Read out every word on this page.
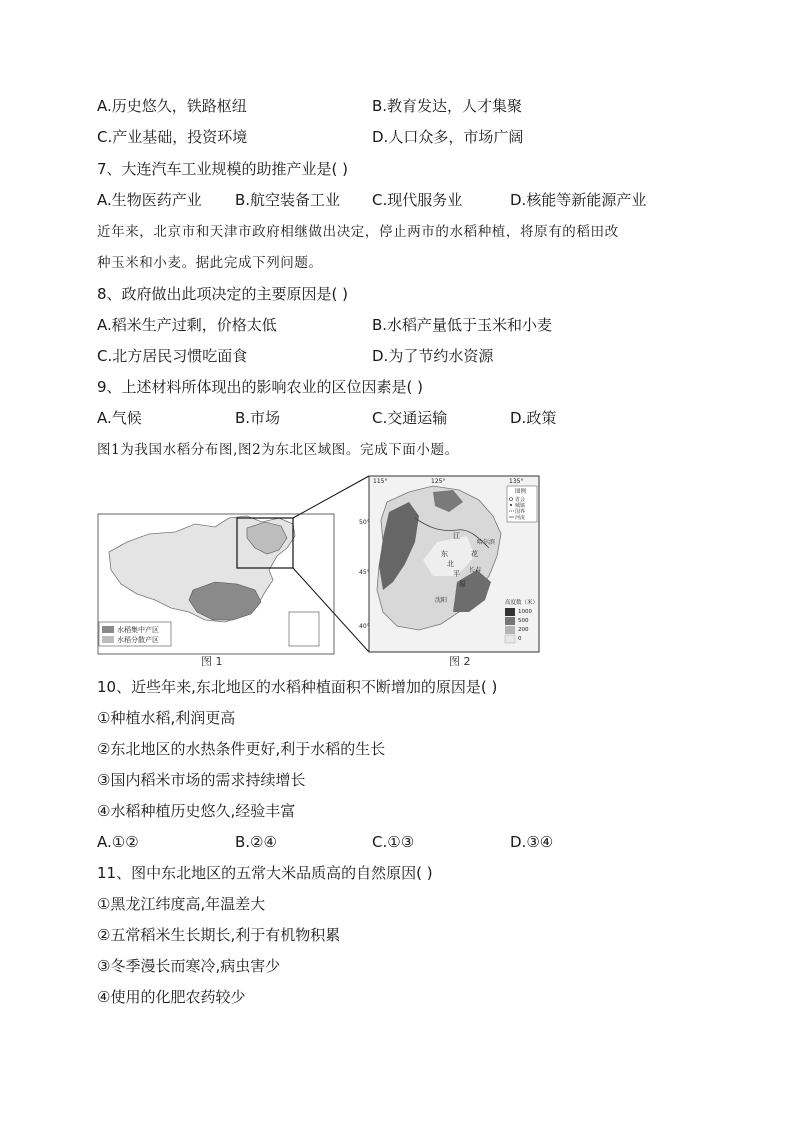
A.历史悠久，铁路枢纽	B.教育发达，人才集聚
C.产业基础，投资环境	D.人口众多，市场广阔
7、大连汽车工业规模的助推产业是( )
A.生物医药产业 B.航空装备工业 C.现代服务业	D.核能等新能源产业
近年来，北京市和天津市政府相继做出决定，停止两市的水稻种植，将原有的稻田改
种玉米和小麦。据此完成下列问题。
8、政府做出此项决定的主要原因是( )
A.稻米生产过剩，价格太低	B.水稻产量低于玉米和小麦
C.北方居民习惯吃面食	D.为了节约水资源
9、上述材料所体现出的影响农业的区位因素是( )
A.气候	B.市场	C.交通运输	D.政策
图1为我国水稻分布图,图2为东北区域图。完成下面小题。
水稻集中产区
水稻分散产区
115°	125°	135°
50°
45°
40°
东
北
平
原
江
花
长春
哈尔滨
沈阳
图例
省会
城镇
国界
河流
高度数（米）
1000
500
200
0
图 1	图 2
10、近些年来,东北地区的水稻种植面积不断增加的原因是( )
①种植水稻,利润更高
②东北地区的水热条件更好,利于水稻的生长
③国内稻米市场的需求持续增长
④水稻种植历史悠久,经验丰富
A.①②	B.②④	C.①③	D.③④
11、图中东北地区的五常大米品质高的自然原因( )
①黑龙江纬度高,年温差大
②五常稻米生长期长,利于有机物积累
③冬季漫长而寒冷,病虫害少
④使用的化肥农药较少
